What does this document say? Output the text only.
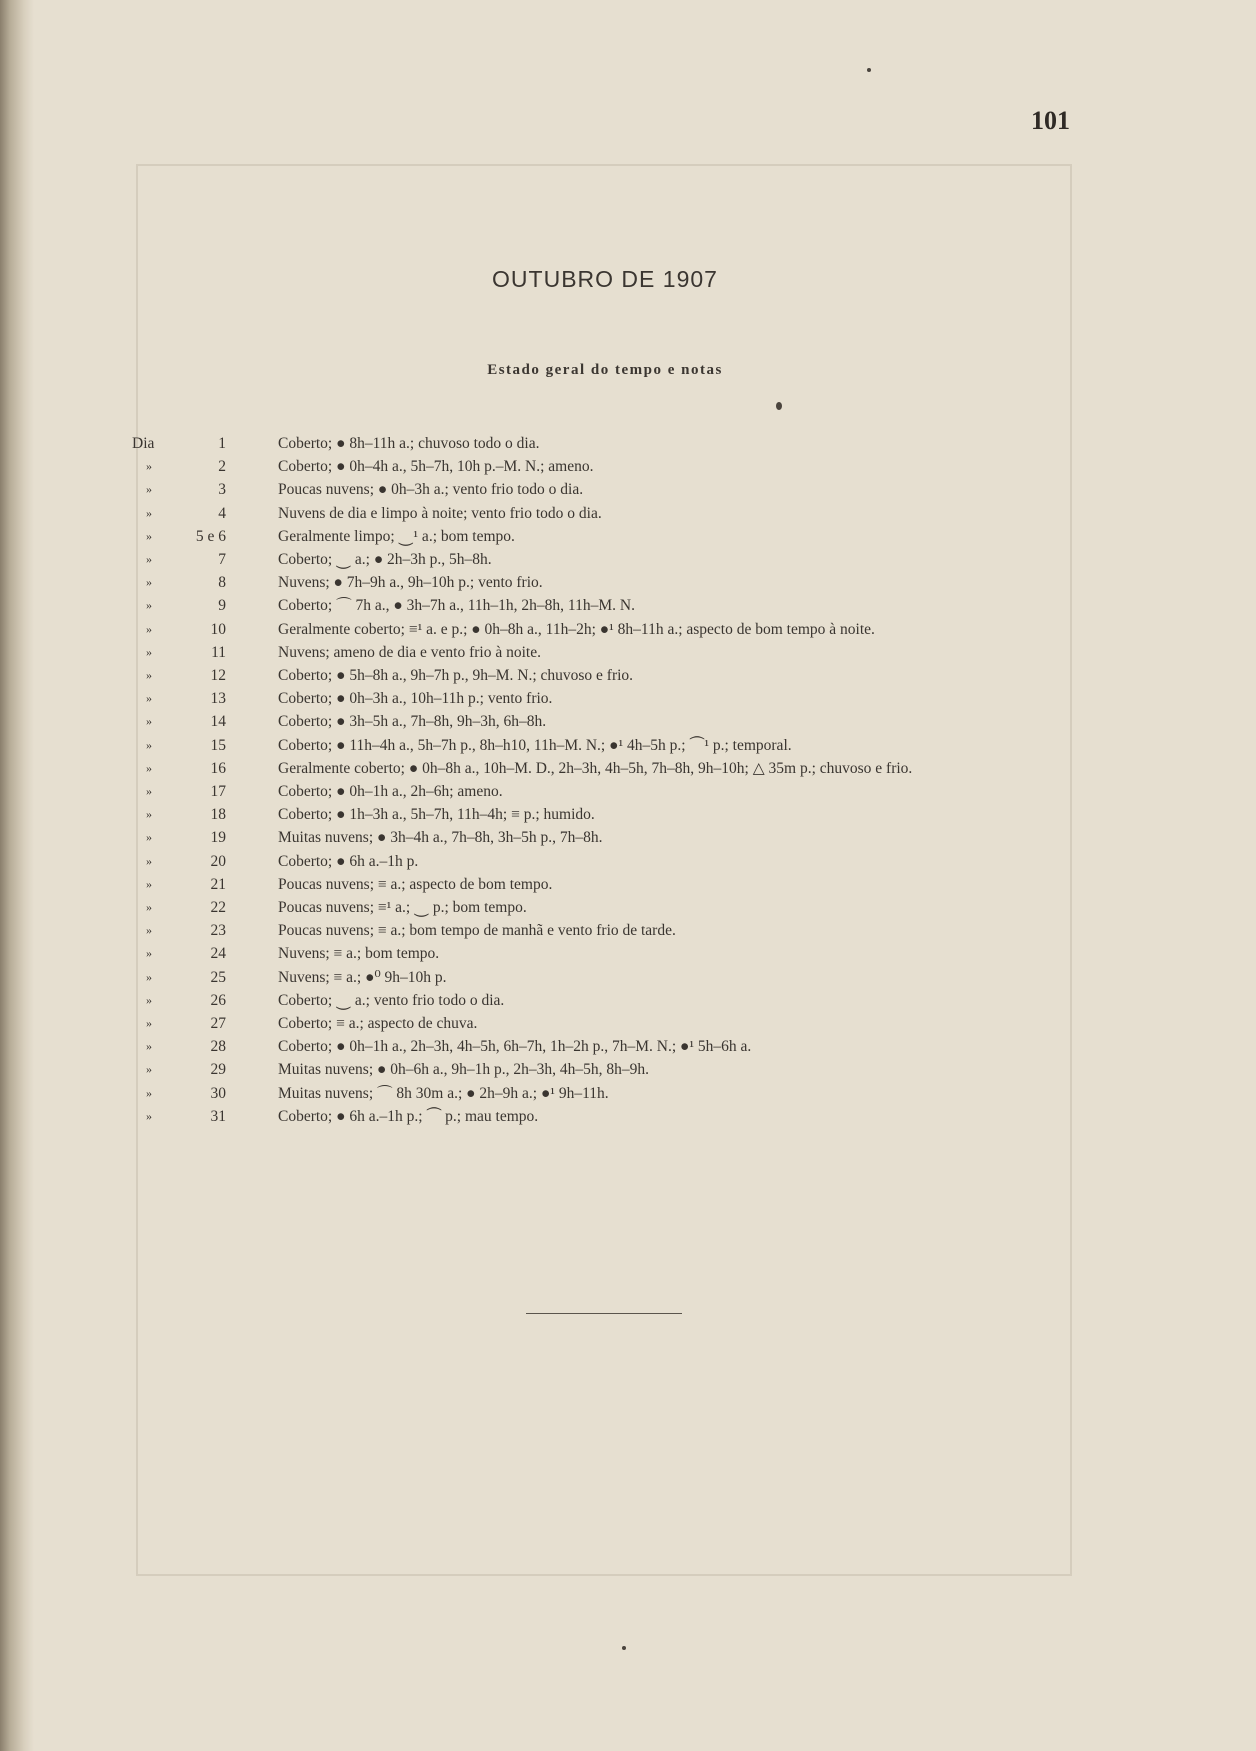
101
OUTUBRO DE 1907
Estado geral do tempo e notas
Dia	1	Coberto; ● 8h–11h a.; chuvoso todo o dia.
»	2	Coberto; ● 0h–4h a., 5h–7h, 10h p.–M. N.; ameno.
»	3	Poucas nuvens; ● 0h–3h a.; vento frio todo o dia.
»	4	Nuvens de dia e limpo à noite; vento frio todo o dia.
»	5 e 6	Geralmente limpo; ⏝¹ a.; bom tempo.
»	7	Coberto; ⏝ a.; ● 2h–3h p., 5h–8h.
»	8	Nuvens; ● 7h–9h a., 9h–10h p.; vento frio.
»	9	Coberto; ⌒ 7h a., ● 3h–7h a., 11h–1h, 2h–8h, 11h–M. N.
»	10	Geralmente coberto; ≡¹ a. e p.; ● 0h–8h a., 11h–2h; ●¹ 8h–11h a.; aspecto de bom tempo à noite.
»	11	Nuvens; ameno de dia e vento frio à noite.
»	12	Coberto; ● 5h–8h a., 9h–7h p., 9h–M. N.; chuvoso e frio.
»	13	Coberto; ● 0h–3h a., 10h–11h p.; vento frio.
»	14	Coberto; ● 3h–5h a., 7h–8h, 9h–3h, 6h–8h.
»	15	Coberto; ● 11h–4h a., 5h–7h p., 8h–h10, 11h–M. N.; ●¹ 4h–5h p.; ⏜¹ p.; temporal.
»	16	Geralmente coberto; ● 0h–8h a., 10h–M. D., 2h–3h, 4h–5h, 7h–8h, 9h–10h; △ 35m p.; chuvoso e frio.
»	17	Coberto; ● 0h–1h a., 2h–6h; ameno.
»	18	Coberto; ● 1h–3h a., 5h–7h, 11h–4h; ≡ p.; humido.
»	19	Muitas nuvens; ● 3h–4h a., 7h–8h, 3h–5h p., 7h–8h.
»	20	Coberto; ● 6h a.–1h p.
»	21	Poucas nuvens; ≡ a.; aspecto de bom tempo.
»	22	Poucas nuvens; ≡¹ a.; ⏝ p.; bom tempo.
»	23	Poucas nuvens; ≡ a.; bom tempo de manhã e vento frio de tarde.
»	24	Nuvens; ≡ a.; bom tempo.
»	25	Nuvens; ≡ a.; ●⁰ 9h–10h p.
»	26	Coberto; ⏝ a.; vento frio todo o dia.
»	27	Coberto; ≡ a.; aspecto de chuva.
»	28	Coberto; ● 0h–1h a., 2h–3h, 4h–5h, 6h–7h, 1h–2h p., 7h–M. N.; ●¹ 5h–6h a.
»	29	Muitas nuvens; ● 0h–6h a., 9h–1h p., 2h–3h, 4h–5h, 8h–9h.
»	30	Muitas nuvens; ⌒ 8h 30m a.; ● 2h–9h a.; ●¹ 9h–11h.
»	31	Coberto; ● 6h a.–1h p.; ⏜ p.; mau tempo.
